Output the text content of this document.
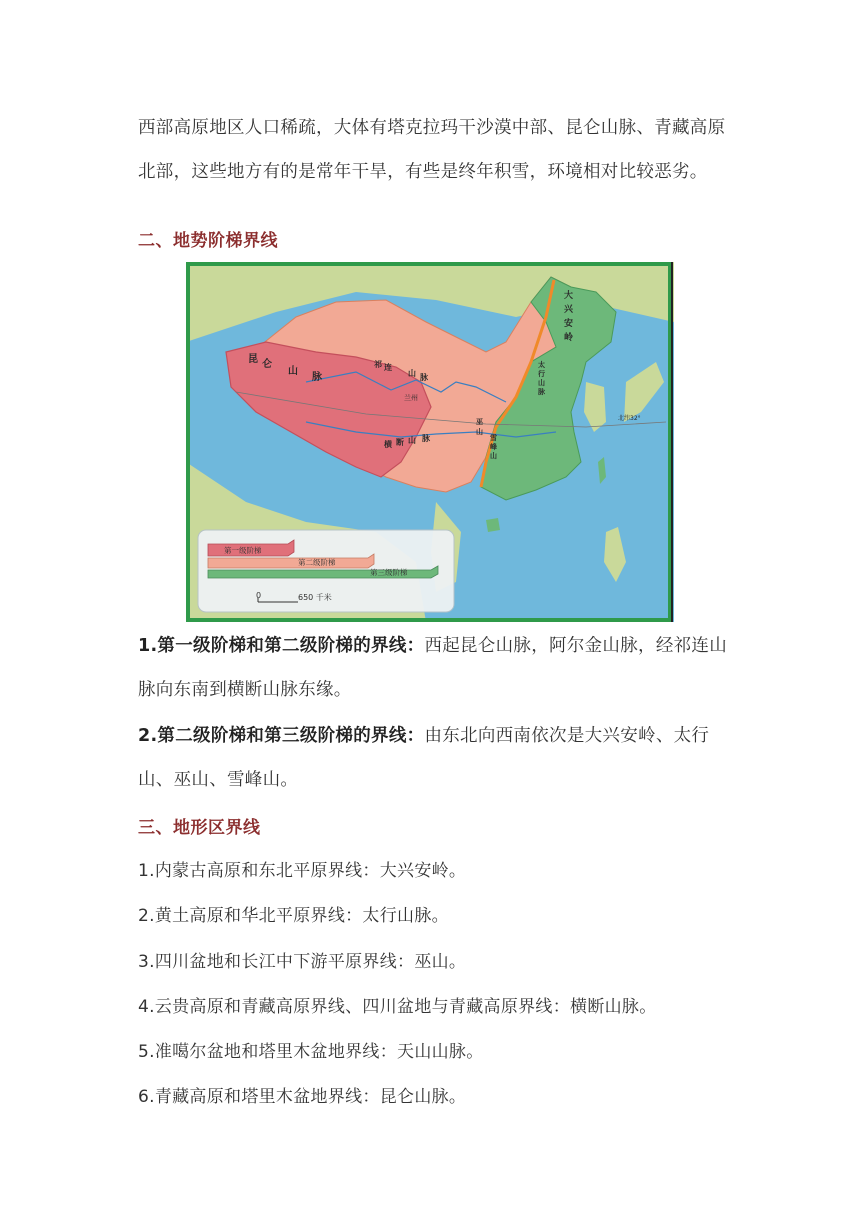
西部高原地区人口稀疏，大体有塔克拉玛干沙漠中部、昆仑山脉、青藏高原北部，这些地方有的是常年干旱，有些是终年积雪，环境相对比较恶劣。

二、地势阶梯界线
昆 仑
山
脉
祁 连
山 脉
横 断 山 脉
大
兴
安
岭
太
行
山
脉
巫
山
雪
峰
山
兰州
北纬32°
第一级阶梯
第二级阶梯
第三级阶梯
0	650 千米

1.第一级阶梯和第二级阶梯的界线：西起昆仑山脉，阿尔金山脉，经祁连山脉向东南到横断山脉东缘。

2.第二级阶梯和第三级阶梯的界线：由东北向西南依次是大兴安岭、太行山、巫山、雪峰山。

三、地形区界线

1.内蒙古高原和东北平原界线：大兴安岭。

2.黄土高原和华北平原界线：太行山脉。

3.四川盆地和长江中下游平原界线：巫山。

4.云贵高原和青藏高原界线、四川盆地与青藏高原界线：横断山脉。

5.准噶尔盆地和塔里木盆地界线：天山山脉。

6.青藏高原和塔里木盆地界线：昆仑山脉。
